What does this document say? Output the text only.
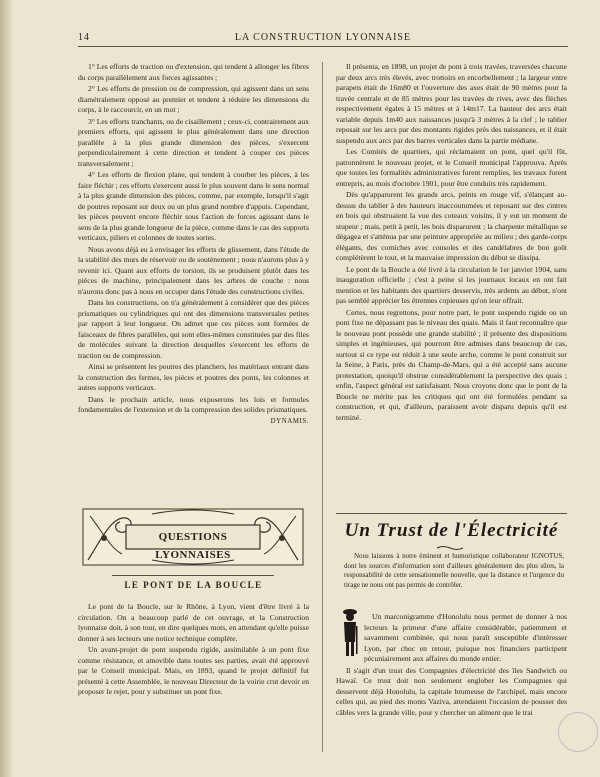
14	LA CONSTRUCTION LYONNAISE

1° Les efforts de traction ou d'extension, qui tendent à allonger les fibres du corps parallèlement aux forces agissantes ;

2° Les efforts de pression ou de compression, qui agissent dans un sens diamétralement opposé au premier et tendent à réduire les dimensions du corps, à le raccourcir, en un mot ;

3° Les efforts tranchants, ou de cisaillement ; ceux-ci, contrairement aux premiers efforts, qui agissent le plus généralement dans une direction parallèle à la plus grande dimension des pièces, s'exercent perpendiculairement à cette direction et tendent à couper ces pièces transversalement ;

4° Les efforts de flexion plane, qui tendent à courber les pièces, à les faire fléchir ; ces efforts s'exercent aussi le plus souvent dans le sens normal à la plus grande dimension des pièces, comme, par exemple, lorsqu'il s'agit de poutres reposant sur deux ou un plus grand nombre d'appuis. Cependant, les pièces peuvent encore fléchir sous l'action de forces agissant dans le sens de la plus grande longueur de la pièce, comme dans le cas des supports verticaux, piliers et colonnes de toutes sortes.

Nous avons déjà eu à envisager les efforts de glissement, dans l'étude de la stabilité des murs de réservoir ou de soutènement ; nous n'aurons plus à y revenir ici. Quant aux efforts de torsion, ils se produisent plutôt dans les pièces de machine, principalement dans les arbres de couche : nous n'aurons donc pas à nous en occuper dans l'étude des constructions civiles.

Dans les constructions, on n'a généralement à considérer que des pièces prismatiques ou cylindriques qui ont des dimensions transversales petites par rapport à leur longueur. On admet que ces pièces sont formées de faisceaux de fibres parallèles, qui sont elles-mêmes constituées par des files de molécules suivant la direction desquelles s'exercent les efforts de traction ou de compression.

Ainsi se présentent les poutres des planchers, les matériaux entrant dans la construction des fermes, les pièces et poutres des ponts, les colonnes et autres supports verticaux.

Dans le prochain article, nous exposerons les lois et formules fondamentales de l'extension et de la compression des solides prismatiques.

DYNAMIS.
QUESTIONS LYONNAISES
LE PONT DE LA BOUCLE

Le pont de la Boucle, sur le Rhône, à Lyon, vient d'être livré à la circulation. On a beaucoup parlé de cet ouvrage, et la Construction lyonnaise doit, à son tour, en dire quelques mots, en attendant qu'elle puisse donner à ses lecteurs une notice technique complète.

Un avant-projet de pont suspendu rigide, assimilable à un pont fixe comme résistance, et amovible dans toutes ses parties, avait été approuvé par le Conseil municipal. Mais, en 1893, quand le projet définitif fut présenté à cette Assemblée, le nouveau Directeur de la voirie crut devoir en proposer le rejet, pour y substituer un pont fixe.

Il présenta, en 1898, un projet de pont à trois travées, traversées chacune par deux arcs très élevés, avec trottoirs en encorbellement ; la largeur entre parapets était de 16m80 et l'ouverture des axes était de 90 mètres pour la travée centrale et de 85 mètres pour les travées de rives, avec des flèches respectivement égales à 15 mètres et à 14m17. La hauteur des arcs était variable depuis 1m40 aux naissances jusqu'à 3 mètres à la clef ; le tablier reposait sur les arcs par des montants rigides près des naissances, et il était suspendu aux arcs par des barres verticales dans la partie médiane.

Les Comités de quartiers, qui réclamaient un pont, quel qu'il fût, patronnèrent le nouveau projet, et le Conseil municipal l'approuva. Après que toutes les formalités administratives furent remplies, les travaux furent entrepris, au mois d'octobre 1901, pour être conduits très rapidement.

Dès qu'apparurent les grands arcs, peints en rouge vif, s'élançant au-dessus du tablier à des hauteurs inaccoutumées et reposant sur des cintres en bois qui obstruaient la vue des coteaux voisins, il y eut un moment de stupeur ; mais, petit à petit, les bois disparurent ; la charpente métallique se dégagea et s'atténua par une peinture appropriée au milieu ; des garde-corps élégants, des corniches avec consoles et des candélabres de bon goût complétèrent le tout, et la mauvaise impression du début se dissipa.

Le pont de la Boucle a été livré à la circulation le 1er janvier 1904, sans inauguration officielle ; c'est à peine si les journaux locaux en ont fait mention et les habitants des quartiers desservis, très ardents au début, n'ont pas semblé apprécier les étrennes copieuses qu'on leur offrait.

Certes, nous regrettons, pour notre part, le pont suspendu rigide ou un pont fixe ne dépassant pas le niveau des quais. Mais il faut reconnaître que le nouveau pont possède une grande stabilité ; il présente des dispositions simples et ingénieuses, qui pourront être admises dans beaucoup de cas, surtout si ce type est réduit à une seule arche, comme le pont construit sur la Seine, à Paris, près du Champ-de-Mars, qui a été accepté sans aucune protestation, quoiqu'il obstrue considérablement la perspective des quais ; enfin, l'aspect général est satisfaisant. Nous croyons donc que le pont de la Boucle ne mérite pas les critiques qui ont été formulées pendant sa construction, et qui, d'ailleurs, paraissent avoir disparu depuis qu'il est terminé.

Un Trust de l'Électricité

Nous laissons à notre éminent et humoristique collaborateur IGNOTUS, dont les sources d'information sont d'ailleurs généralement des plus sûres, la responsabilité de cette sensationnelle nouvelle, que la distance et l'urgence du tirage ne nous ont pas permis de contrôler.

Un marconigramme d'Honolulu nous permet de donner à nos lecteurs la primeur d'une affaire considérable, patiemment et savamment combinée, qui nous paraît susceptible d'intéresser Lyon, par choc en retour, puisque nos financiers participent pécuniairement aux affaires du monde entier.

Il s'agit d'un trust des Compagnies d'électricité des îles Sandwich ou Hawaï. Ce trust doit non seulement englober les Compagnies qui desservent déjà Honolulu, la capitale brumeuse de l'archipel, mais encore celles qui, au pied des monts Vaziva, attendaient l'occasion de pousser des câbles vers la grande ville, pour y chercher un aliment que le trai
